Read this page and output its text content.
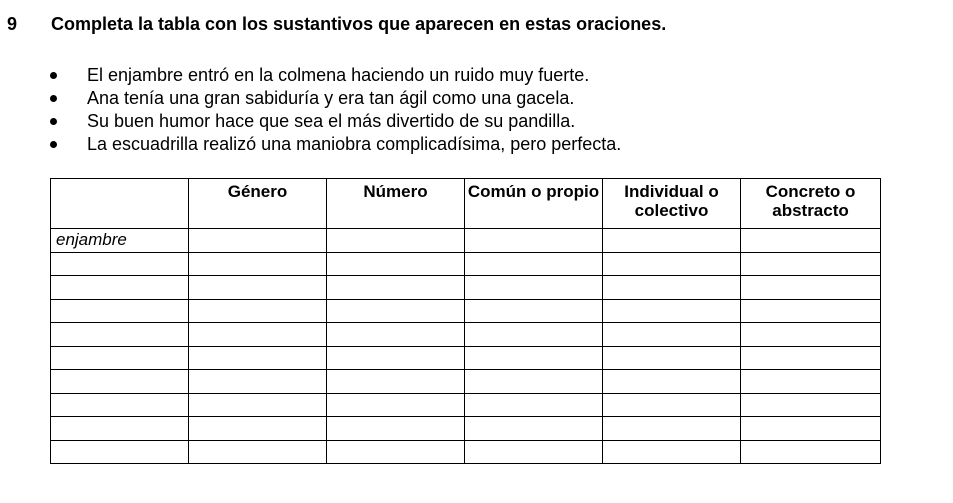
9 Completa la tabla con los sustantivos que aparecen en estas oraciones.
El enjambre entró en la colmena haciendo un ruido muy fuerte.
Ana tenía una gran sabiduría y era tan ágil como una gacela.
Su buen humor hace que sea el más divertido de su pandilla.
La escuadrilla realizó una maniobra complicadísima, pero perfecta.
	Género	Número	Común o propio	Individual o colectivo	Concreto o abstracto
enjambre					
